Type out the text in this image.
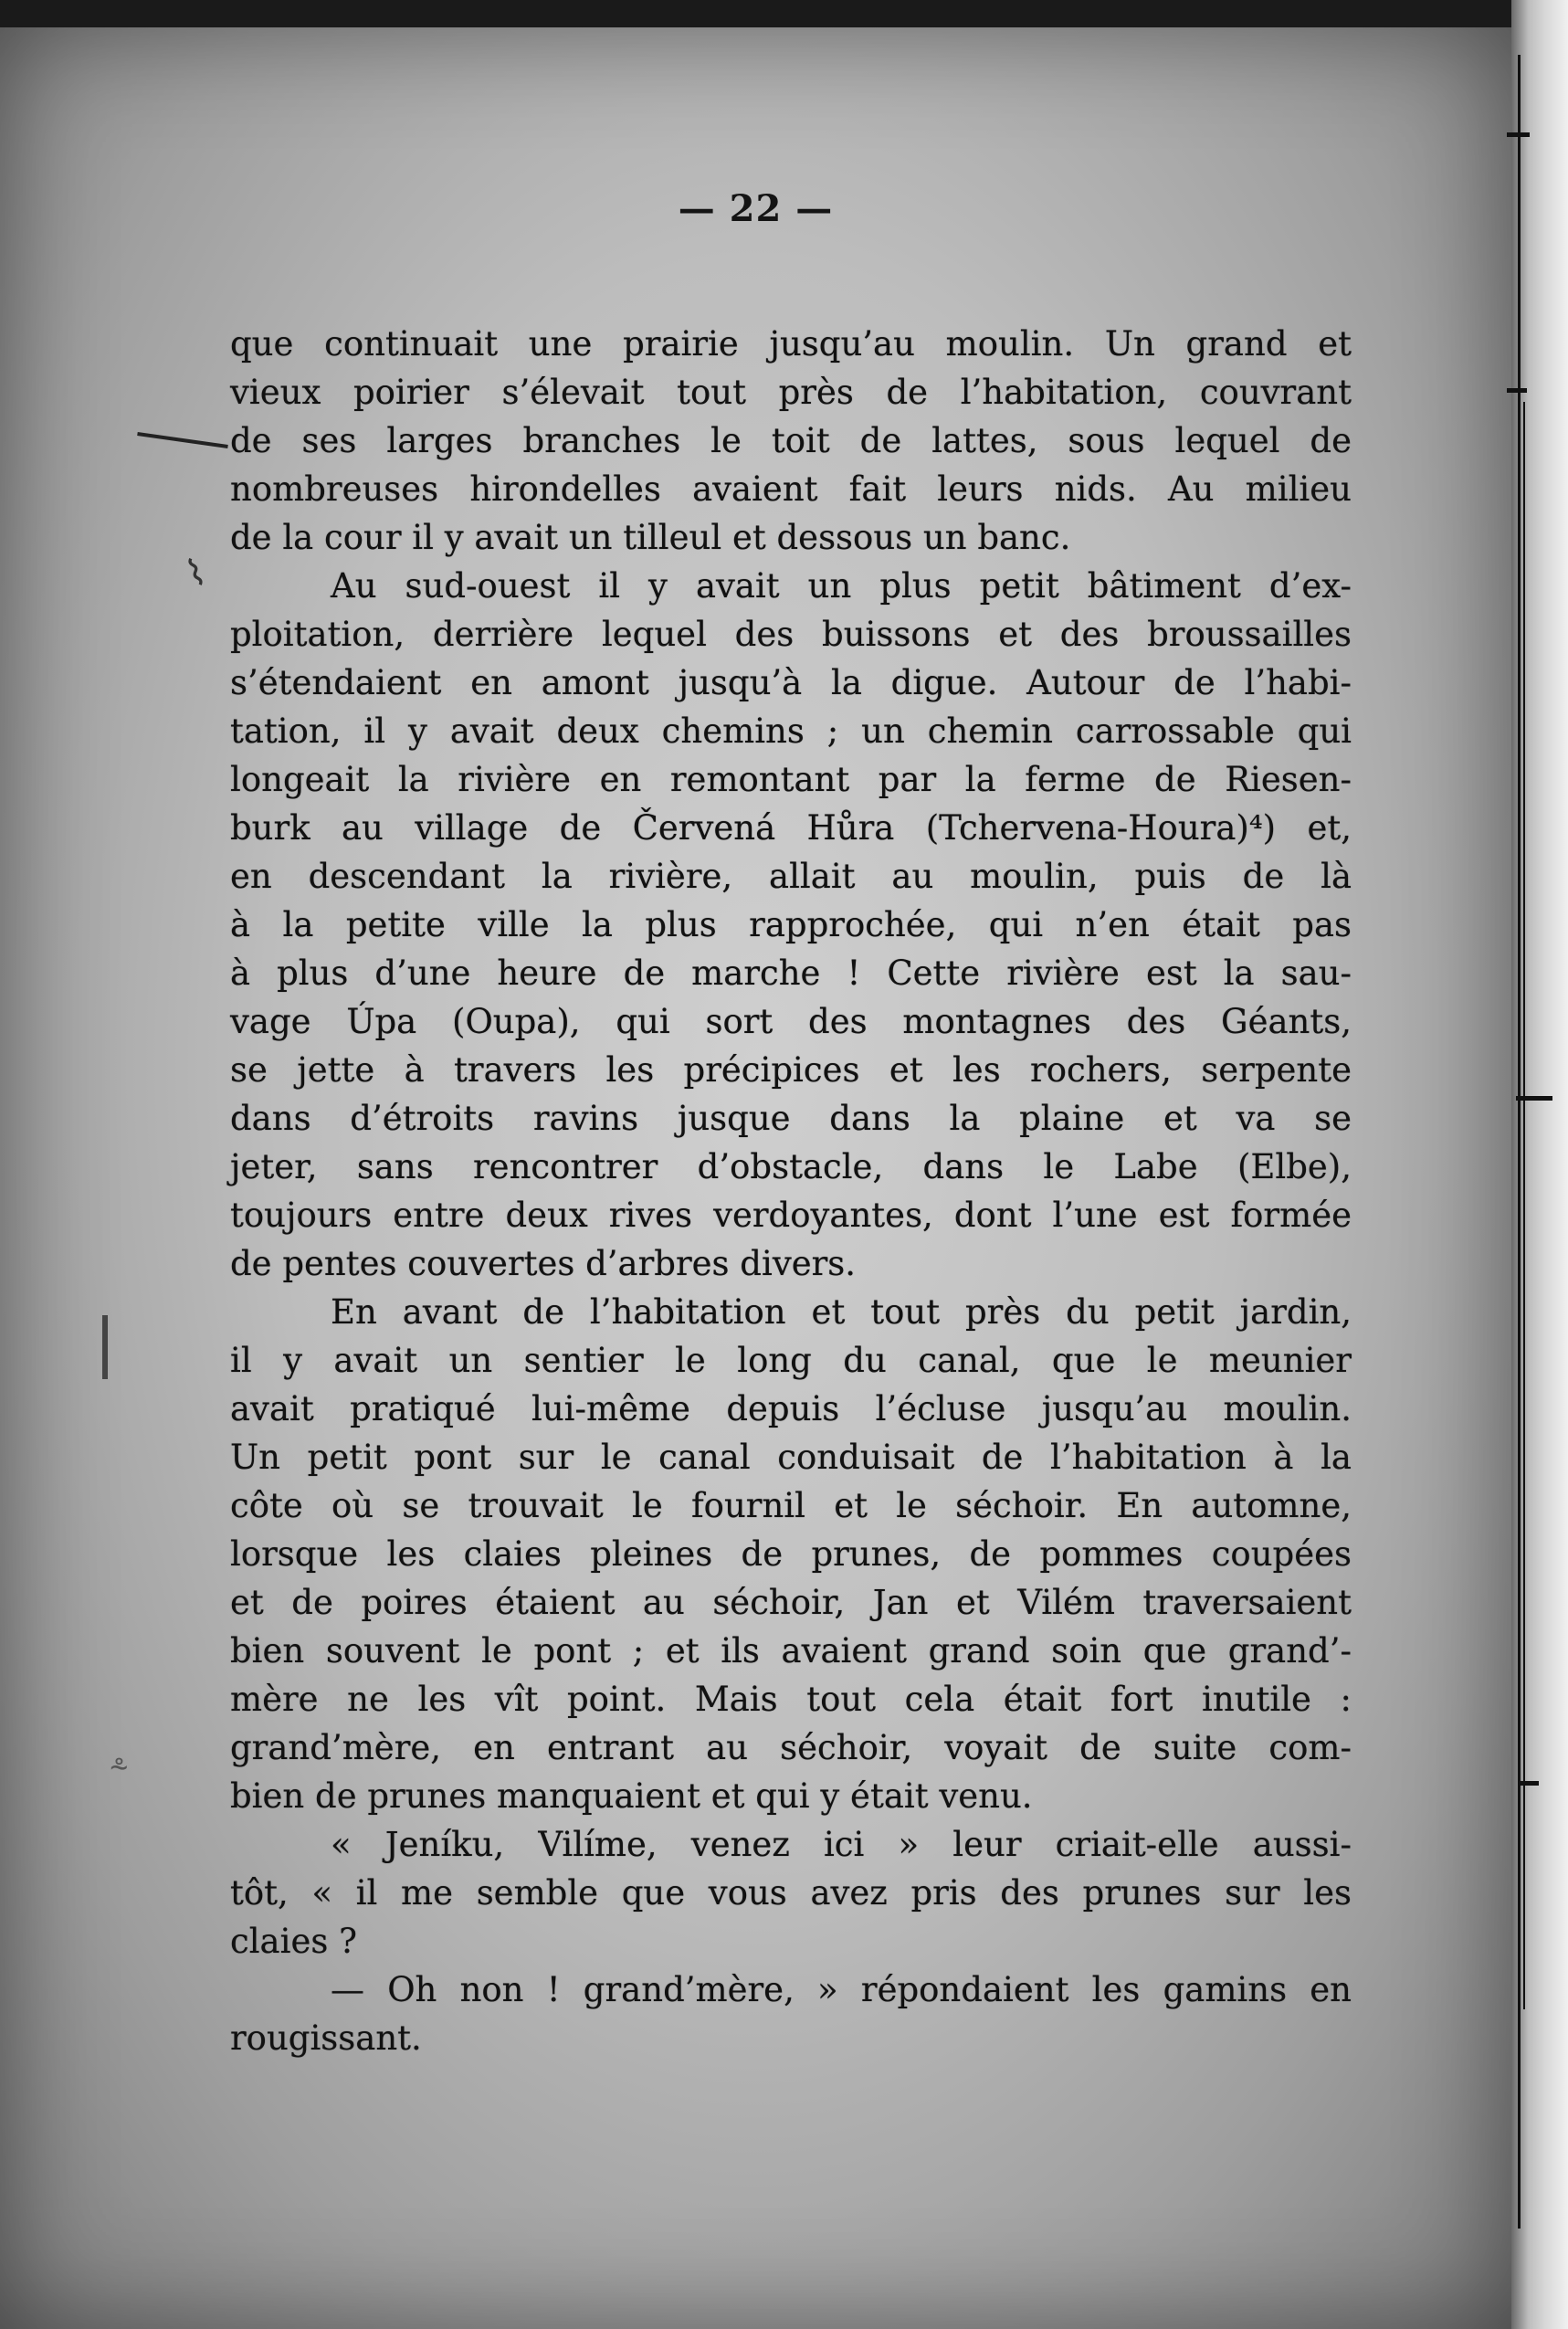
— 22 —
que continuait une prairie jusqu’au moulin. Un grand et
vieux poirier s’élevait tout près de l’habitation, couvrant
de ses larges branches le toit de lattes, sous lequel de
nombreuses hirondelles avaient fait leurs nids. Au milieu
de la cour il y avait un tilleul et dessous un banc.
Au sud-ouest il y avait un plus petit bâtiment d’ex-
ploitation, derrière lequel des buissons et des broussailles
s’étendaient en amont jusqu’à la digue. Autour de l’habi-
tation, il y avait deux chemins ; un chemin carrossable qui
longeait la rivière en remontant par la ferme de Riesen-
burk au village de Červená Hůra (Tchervena-Houra)⁴) et,
en descendant la rivière, allait au moulin, puis de là
à la petite ville la plus rapprochée, qui n’en était pas
à plus d’une heure de marche ! Cette rivière est la sau-
vage Úpa (Oupa), qui sort des montagnes des Géants,
se jette à travers les précipices et les rochers, serpente
dans d’étroits ravins jusque dans la plaine et va se
jeter, sans rencontrer d’obstacle, dans le Labe (Elbe),
toujours entre deux rives verdoyantes, dont l’une est formée
de pentes couvertes d’arbres divers.
En avant de l’habitation et tout près du petit jardin,
il y avait un sentier le long du canal, que le meunier
avait pratiqué lui-même depuis l’écluse jusqu’au moulin.
Un petit pont sur le canal conduisait de l’habitation à la
côte où se trouvait le fournil et le séchoir. En automne,
lorsque les claies pleines de prunes, de pommes coupées
et de poires étaient au séchoir, Jan et Vilém traversaient
bien souvent le pont ; et ils avaient grand soin que grand’-
mère ne les vît point. Mais tout cela était fort inutile :
grand’mère, en entrant au séchoir, voyait de suite com-
bien de prunes manquaient et qui y était venu.
« Jeníku, Vilíme, venez ici » leur criait-elle aussi-
tôt, « il me semble que vous avez pris des prunes sur les
claies ?
— Oh non ! grand’mère, » répondaient les gamins en
rougissant.
⌇
⸛
